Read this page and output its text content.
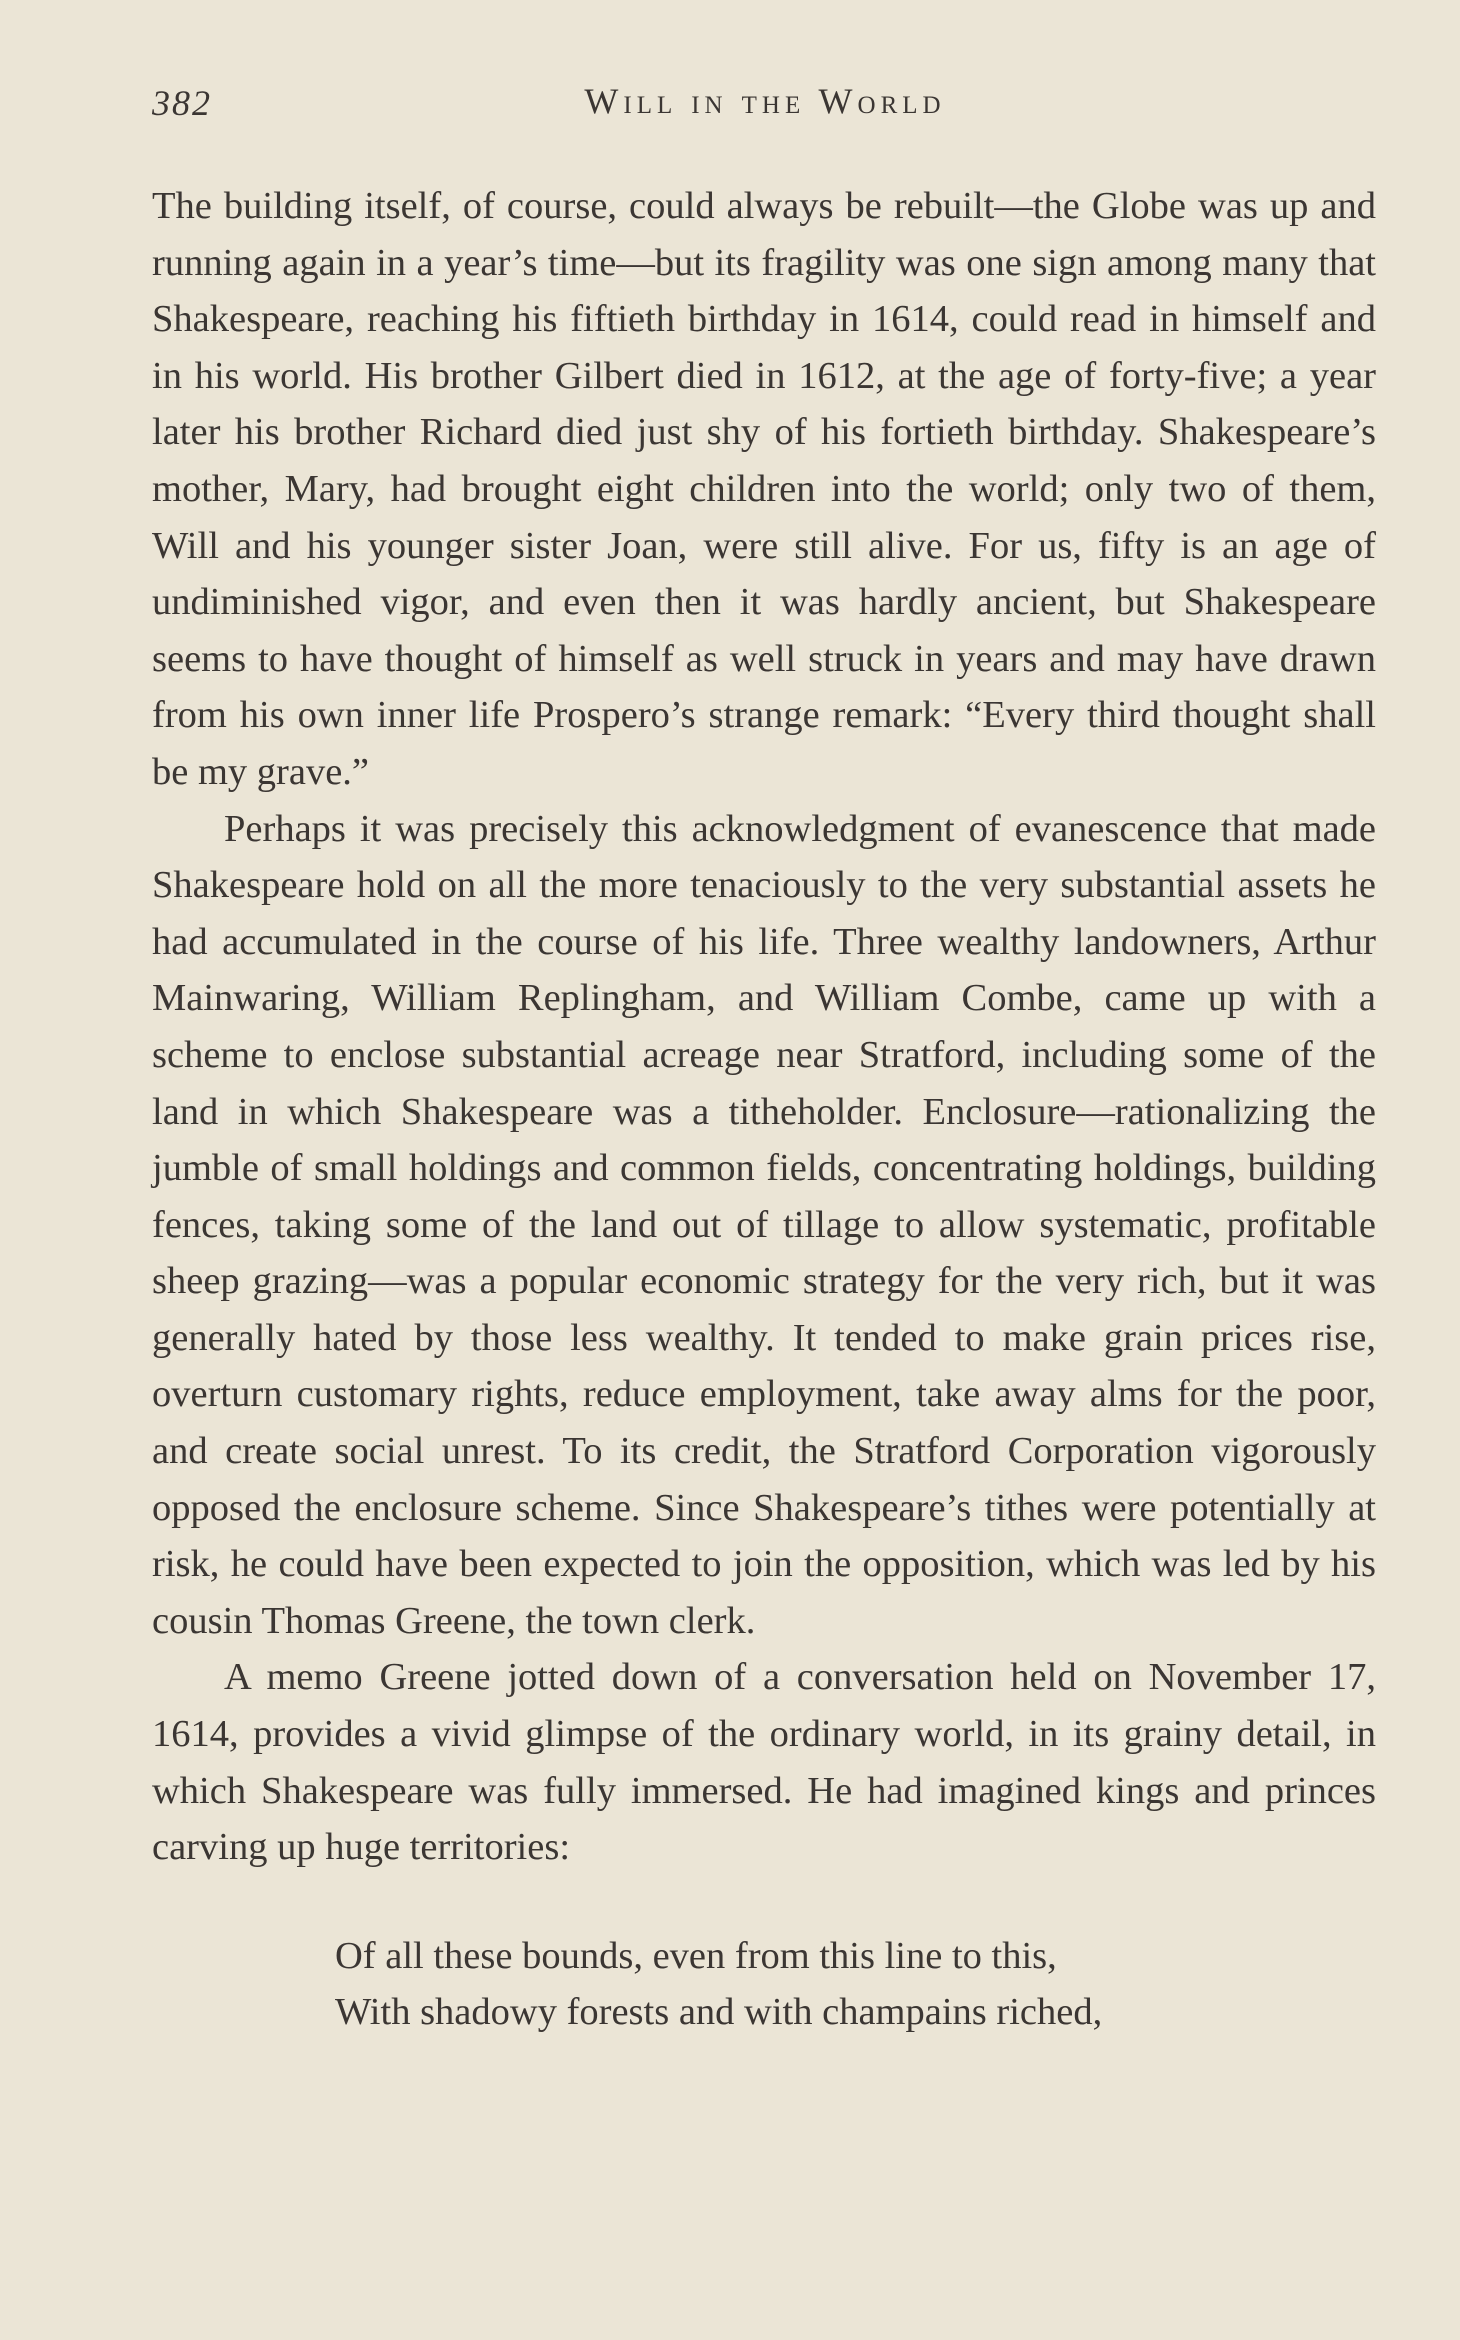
382	Will in the World

The building itself, of course, could always be rebuilt—the Globe was up and running again in a year’s time—but its fragility was one sign among many that Shakespeare, reaching his fiftieth birthday in 1614, could read in himself and in his world. His brother Gilbert died in 1612, at the age of forty-five; a year later his brother Richard died just shy of his fortieth birthday. Shakespeare’s mother, Mary, had brought eight children into the world; only two of them, Will and his younger sister Joan, were still alive. For us, fifty is an age of undiminished vigor, and even then it was hardly ancient, but Shakespeare seems to have thought of himself as well struck in years and may have drawn from his own inner life Prospero’s strange remark: “Every third thought shall be my grave.”

Perhaps it was precisely this acknowledgment of evanescence that made Shakespeare hold on all the more tenaciously to the very substantial assets he had accumulated in the course of his life. Three wealthy landowners, Arthur Mainwaring, William Replingham, and William Combe, came up with a scheme to enclose substantial acreage near Stratford, including some of the land in which Shakespeare was a titheholder. Enclosure—rationalizing the jumble of small holdings and common fields, concentrating holdings, building fences, taking some of the land out of tillage to allow systematic, profitable sheep grazing—was a popular economic strategy for the very rich, but it was generally hated by those less wealthy. It tended to make grain prices rise, overturn customary rights, reduce employment, take away alms for the poor, and create social unrest. To its credit, the Stratford Corporation vigorously opposed the enclosure scheme. Since Shakespeare’s tithes were potentially at risk, he could have been expected to join the opposition, which was led by his cousin Thomas Greene, the town clerk.

A memo Greene jotted down of a conversation held on November 17, 1614, provides a vivid glimpse of the ordinary world, in its grainy detail, in which Shakespeare was fully immersed. He had imagined kings and princes carving up huge territories:

Of all these bounds, even from this line to this,
With shadowy forests and with champains riched,
